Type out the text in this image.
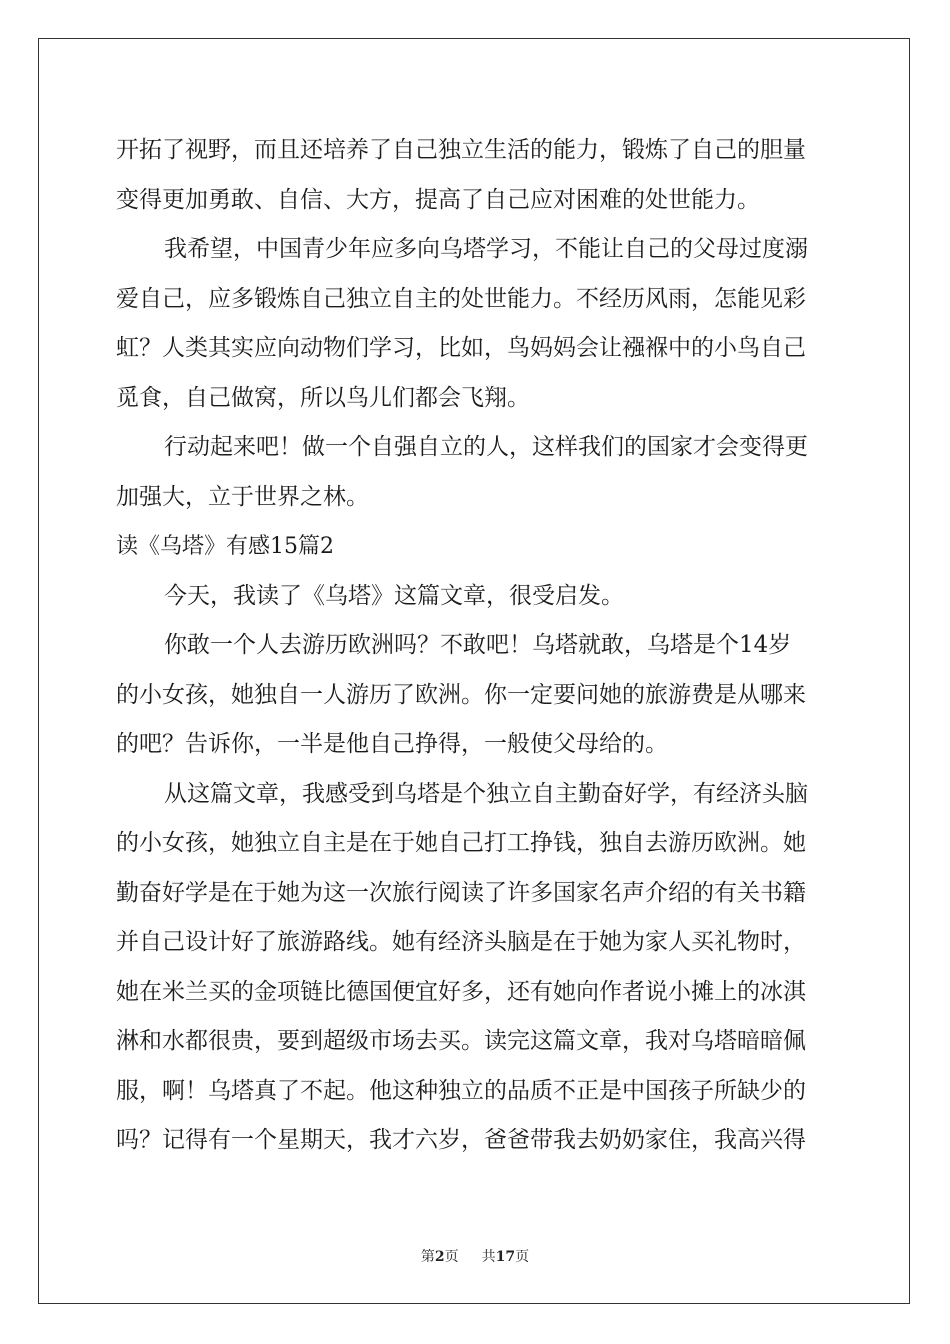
开拓了视野，而且还培养了自己独立生活的能力，锻炼了自己的胆量
变得更加勇敢、自信、大方，提高了自己应对困难的处世能力。
我希望，中国青少年应多向乌塔学习，不能让自己的父母过度溺
爱自己，应多锻炼自己独立自主的处世能力。不经历风雨，怎能见彩
虹？人类其实应向动物们学习，比如，鸟妈妈会让襁褓中的小鸟自己
觅食，自己做窝，所以鸟儿们都会飞翔。
行动起来吧！做一个自强自立的人，这样我们的国家才会变得更
加强大，立于世界之林。
读《乌塔》有感15篇2
今天，我读了《乌塔》这篇文章，很受启发。
你敢一个人去游历欧洲吗？不敢吧！乌塔就敢，乌塔是个14岁
的小女孩，她独自一人游历了欧洲。你一定要问她的旅游费是从哪来
的吧？告诉你，一半是他自己挣得，一般使父母给的。
从这篇文章，我感受到乌塔是个独立自主勤奋好学，有经济头脑
的小女孩，她独立自主是在于她自己打工挣钱，独自去游历欧洲。她
勤奋好学是在于她为这一次旅行阅读了许多国家名声介绍的有关书籍
并自己设计好了旅游路线。她有经济头脑是在于她为家人买礼物时，
她在米兰买的金项链比德国便宜好多，还有她向作者说小摊上的冰淇
淋和水都很贵，要到超级市场去买。读完这篇文章，我对乌塔暗暗佩
服，啊！乌塔真了不起。他这种独立的品质不正是中国孩子所缺少的
吗？记得有一个星期天，我才六岁，爸爸带我去奶奶家住，我高兴得
第2页 共17页
